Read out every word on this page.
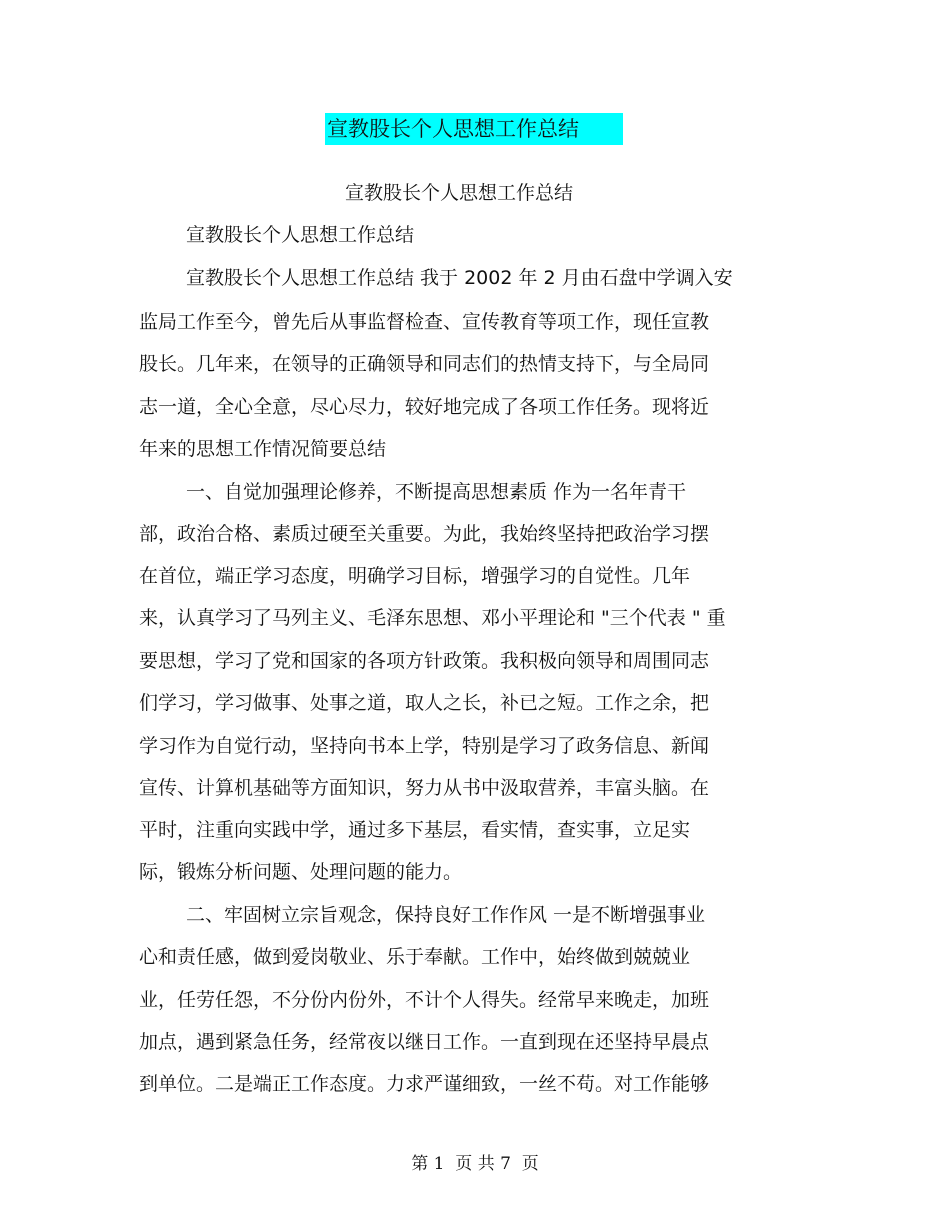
宣教股长个人思想工作总结
宣教股长个人思想工作总结
宣教股长个人思想工作总结
宣教股长个人思想工作总结 我于 2002 年 2 月由石盘中学调入安
监局工作至今，曾先后从事监督检查、宣传教育等项工作，现任宣教
股长。几年来，在领导的正确领导和同志们的热情支持下，与全局同
志一道，全心全意，尽心尽力，较好地完成了各项工作任务。现将近
年来的思想工作情况简要总结
一、自觉加强理论修养，不断提高思想素质 作为一名年青干
部，政治合格、素质过硬至关重要。为此，我始终坚持把政治学习摆
在首位，端正学习态度，明确学习目标，增强学习的自觉性。几年
来，认真学习了马列主义、毛泽东思想、邓小平理论和 "三个代表 " 重
要思想，学习了党和国家的各项方针政策。我积极向领导和周围同志
们学习，学习做事、处事之道，取人之长，补已之短。工作之余，把
学习作为自觉行动，坚持向书本上学，特别是学习了政务信息、新闻
宣传、计算机基础等方面知识，努力从书中汲取营养，丰富头脑。在
平时，注重向实践中学，通过多下基层，看实情，查实事，立足实
际，锻炼分析问题、处理问题的能力。
二、牢固树立宗旨观念，保持良好工作作风 一是不断增强事业
心和责任感，做到爱岗敬业、乐于奉献。工作中，始终做到兢兢业
业，任劳任怨，不分份内份外，不计个人得失。经常早来晚走，加班
加点，遇到紧急任务，经常夜以继日工作。一直到现在还坚持早晨点
到单位。二是端正工作态度。力求严谨细致，一丝不苟。对工作能够
第 1  页 共 7  页
